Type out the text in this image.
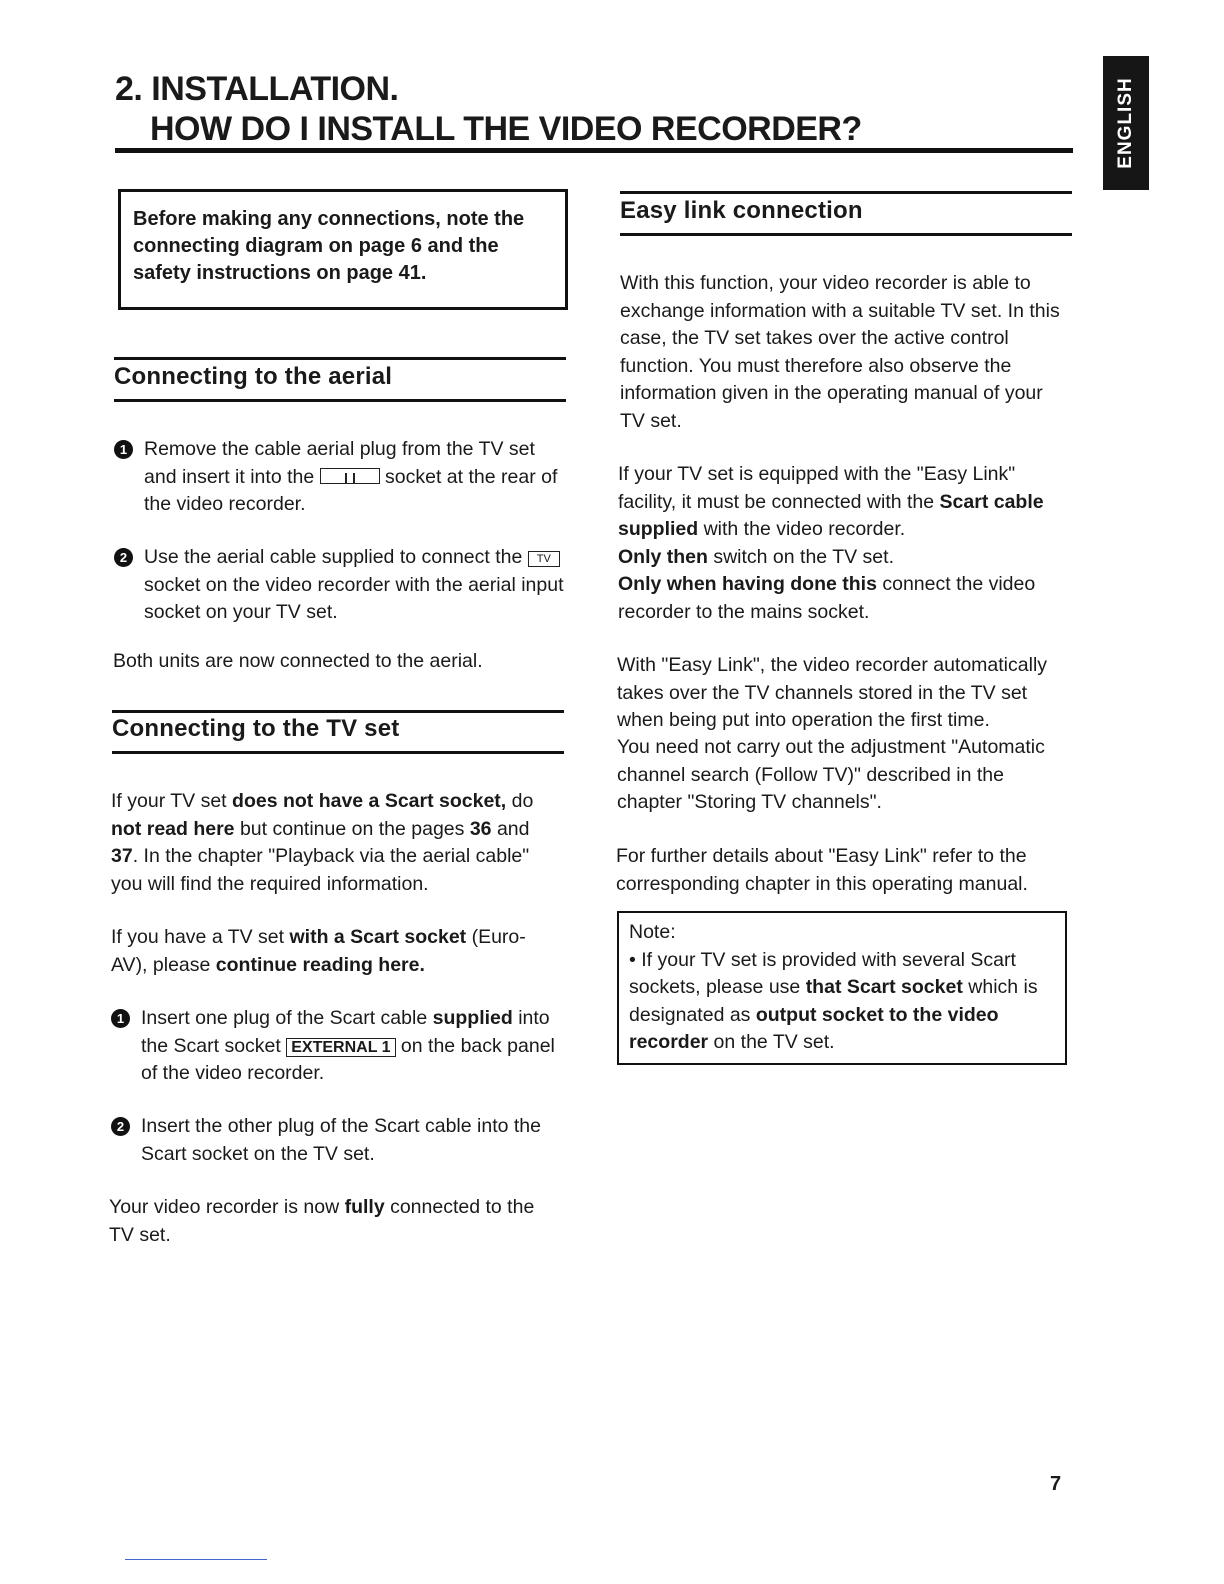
2. INSTALLATION.
HOW DO I INSTALL THE VIDEO RECORDER?	ENGLISH
Before making any connections, note the connecting diagram on page 6 and the safety instructions on page 41.
Connecting to the aerial
1 Remove the cable aerial plug from the TV set and insert it into the	socket at the rear of the video recorder.
2 Use the aerial cable supplied to connect the TV socket on the video recorder with the aerial input socket on your TV set.
Both units are now connected to the aerial.
Connecting to the TV set
If your TV set does not have a Scart socket, do not read here but continue on the pages 36 and 37. In the chapter "Playback via the aerial cable" you will find the required information.
If you have a TV set with a Scart socket (Euro-AV), please continue reading here.
1 Insert one plug of the Scart cable supplied into the Scart socket EXTERNAL 1 on the back panel of the video recorder.
2 Insert the other plug of the Scart cable into the Scart socket on the TV set.
Your video recorder is now fully connected to the TV set.
Easy link connection
With this function, your video recorder is able to exchange information with a suitable TV set. In this case, the TV set takes over the active control function. You must therefore also observe the information given in the operating manual of your TV set.
If your TV set is equipped with the "Easy Link" facility, it must be connected with the Scart cable supplied with the video recorder.
Only then switch on the TV set.
Only when having done this connect the video recorder to the mains socket.
With "Easy Link", the video recorder automatically takes over the TV channels stored in the TV set when being put into operation the first time.
You need not carry out the adjustment "Automatic channel search (Follow TV)" described in the chapter "Storing TV channels".
For further details about "Easy Link" refer to the corresponding chapter in this operating manual.
Note:
• If your TV set is provided with several Scart sockets, please use that Scart socket which is designated as output socket to the video recorder on the TV set.
7
